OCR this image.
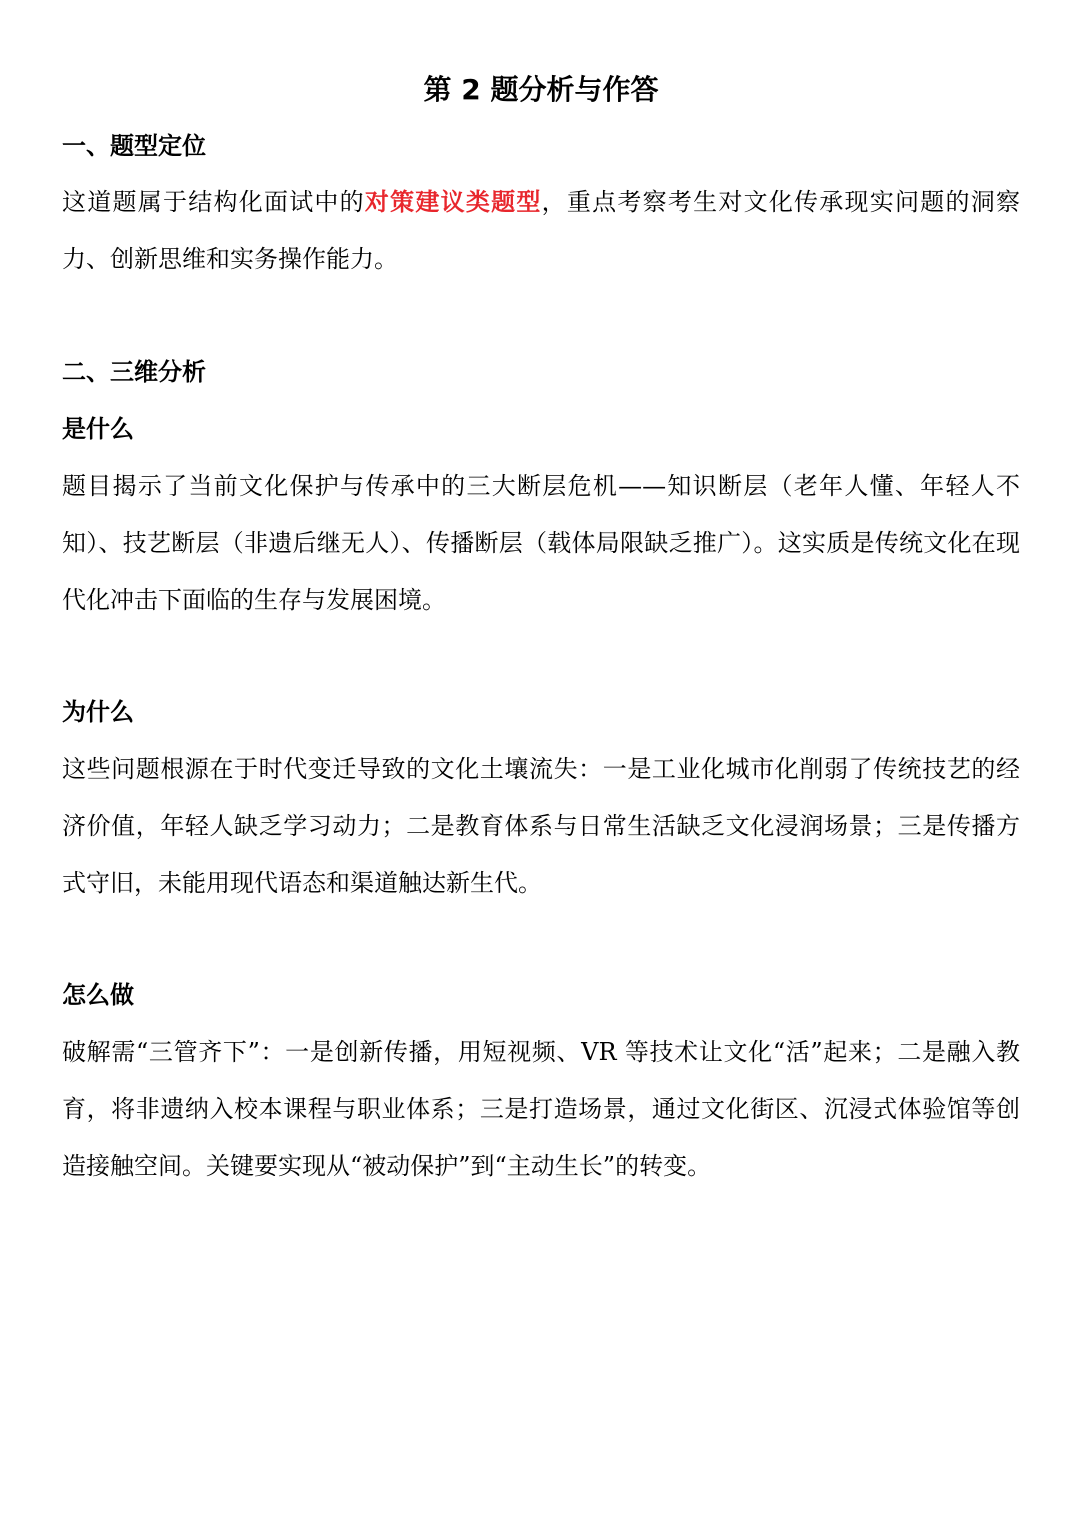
第 2 题分析与作答
一、题型定位

这道题属于结构化面试中的对策建议类题型，重点考察考生对文化传承现实问题的洞察力、创新思维和实务操作能力。

二、三维分析
是什么

题目揭示了当前文化保护与传承中的三大断层危机——知识断层（老年人懂、年轻人不知）、技艺断层（非遗后继无人）、传播断层（载体局限缺乏推广）。这实质是传统文化在现代化冲击下面临的生存与发展困境。

为什么

这些问题根源在于时代变迁导致的文化土壤流失：一是工业化城市化削弱了传统技艺的经济价值，年轻人缺乏学习动力；二是教育体系与日常生活缺乏文化浸润场景；三是传播方式守旧，未能用现代语态和渠道触达新生代。

怎么做

破解需“三管齐下”：一是创新传播，用短视频、VR 等技术让文化“活”起来；二是融入教育，将非遗纳入校本课程与职业体系；三是打造场景，通过文化街区、沉浸式体验馆等创造接触空间。关键要实现从“被动保护”到“主动生长”的转变。
